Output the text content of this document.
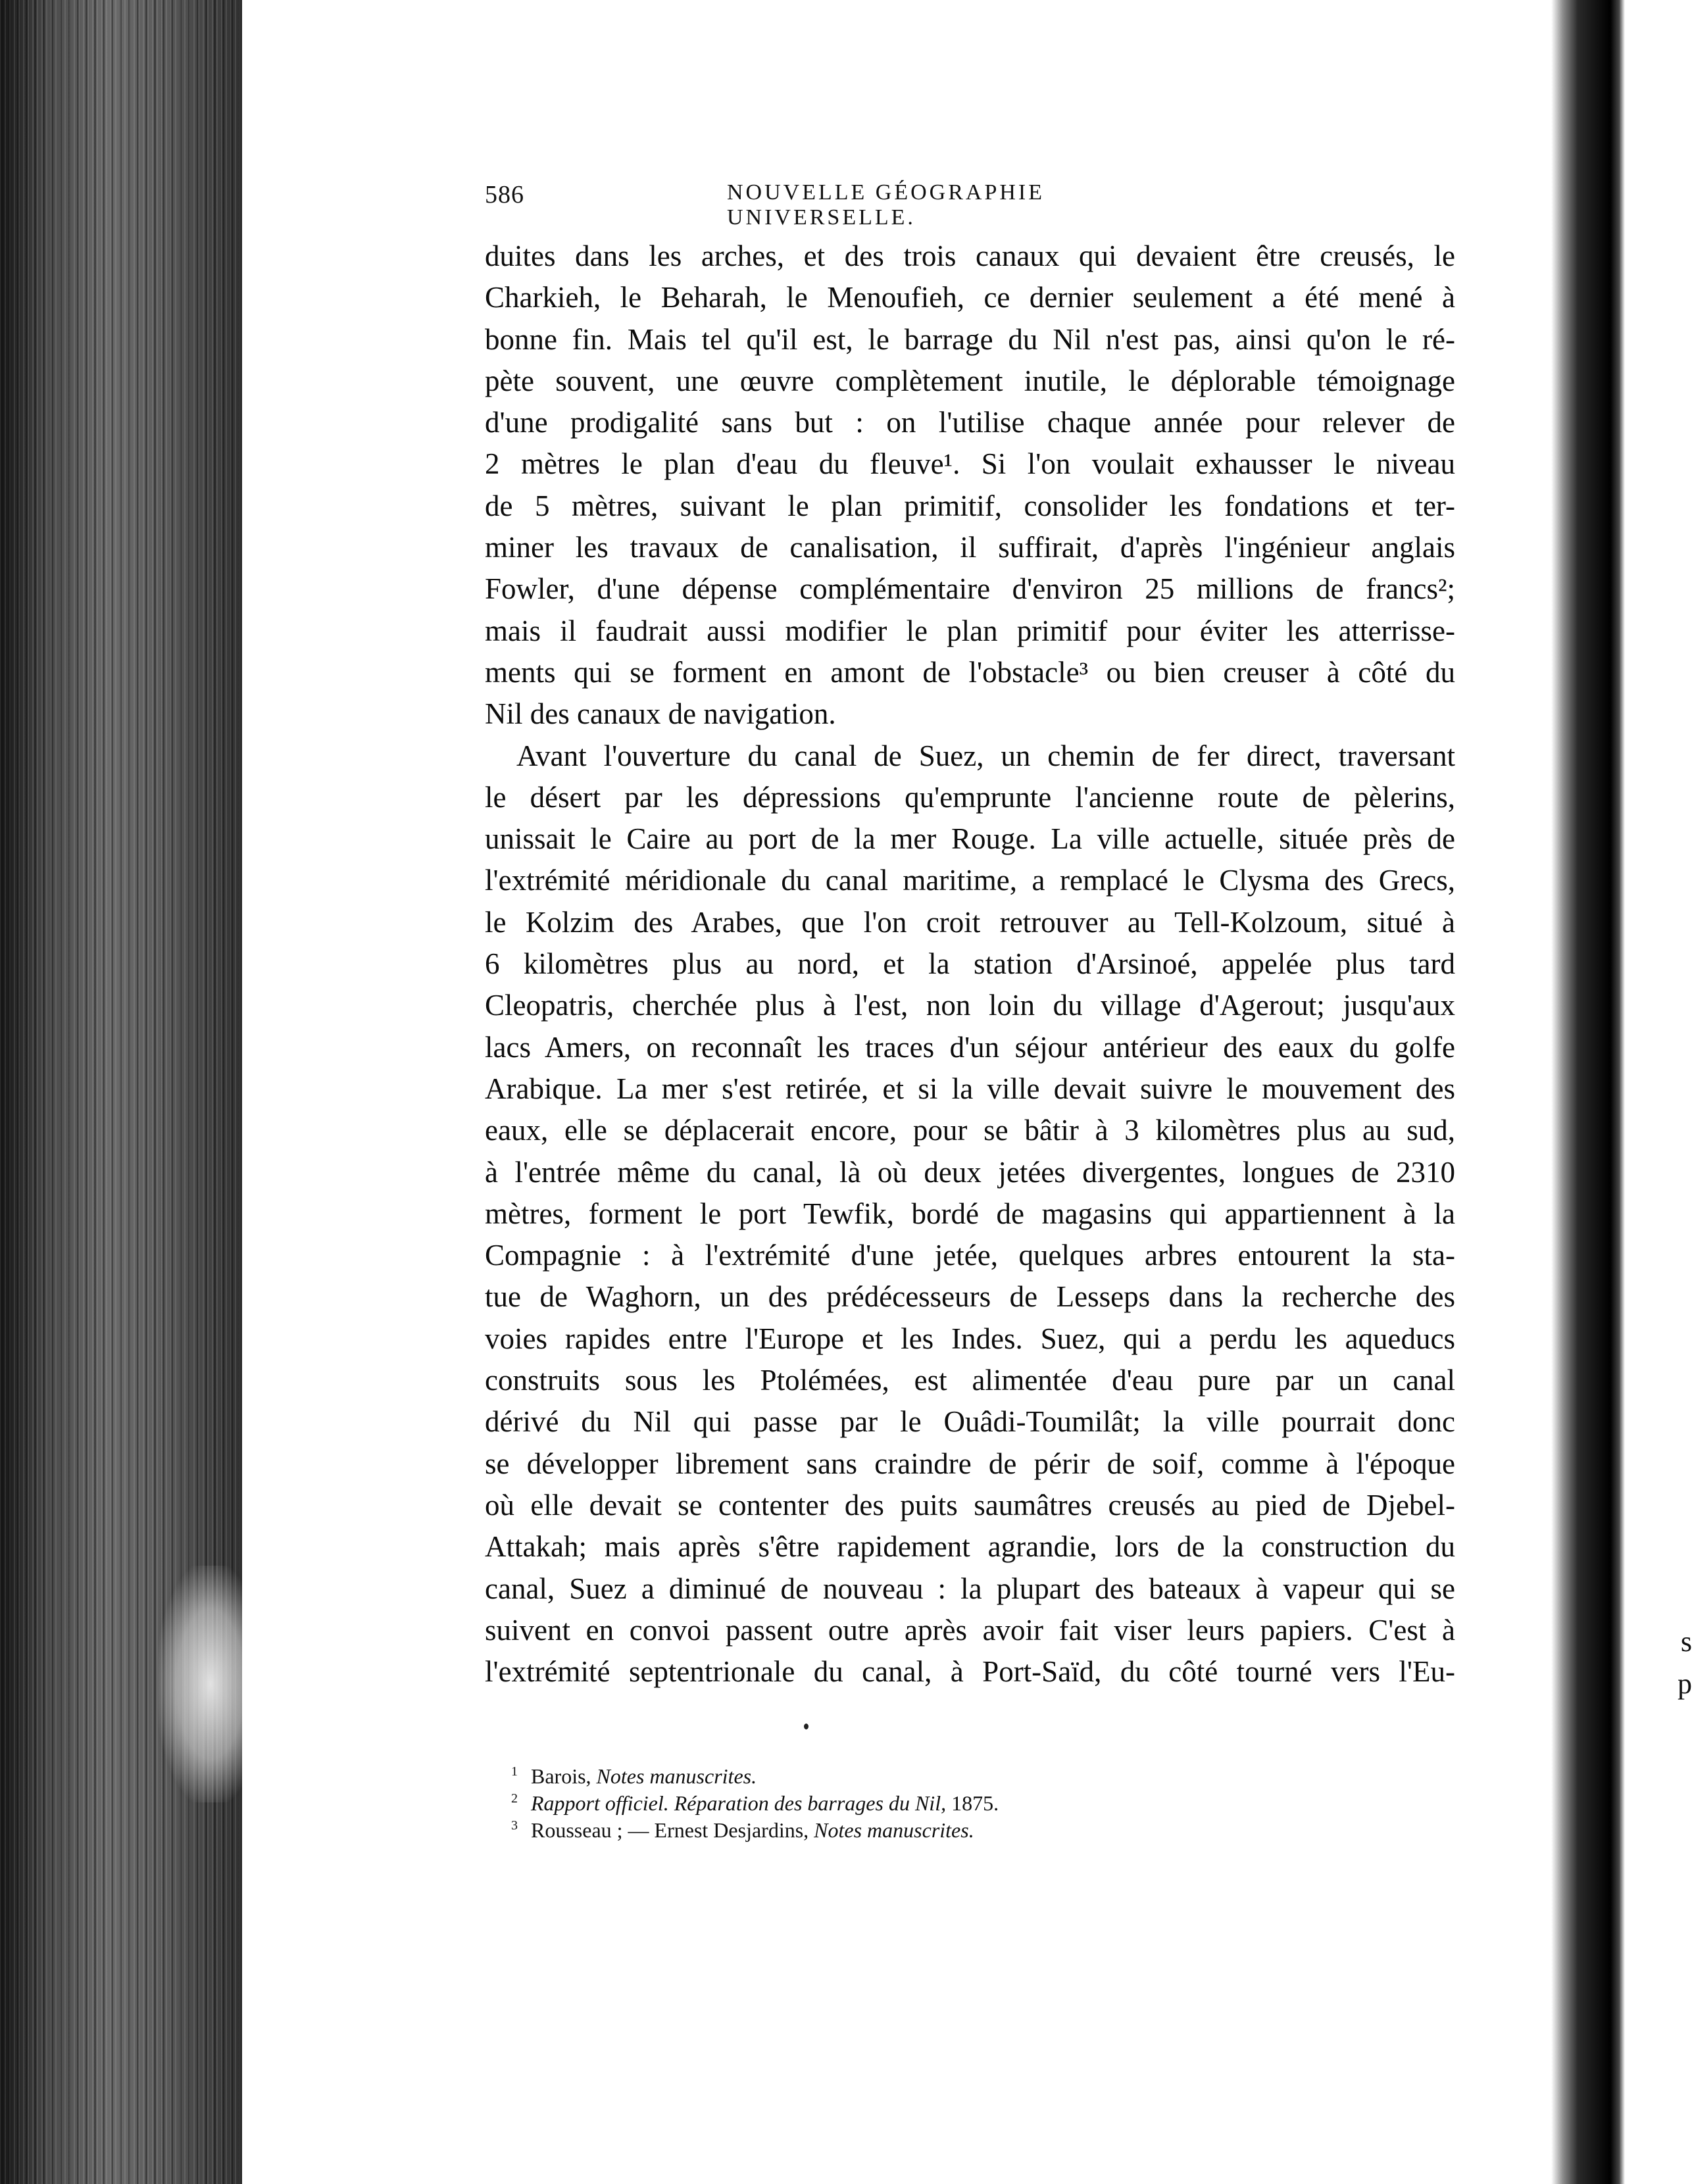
s
p
586	NOUVELLE GÉOGRAPHIE UNIVERSELLE.
duites dans les arches, et des trois canaux qui devaient être creusés, le
Charkieh, le Beharah, le Menoufieh, ce dernier seulement a été mené à
bonne fin. Mais tel qu'il est, le barrage du Nil n'est pas, ainsi qu'on le ré-
pète souvent, une œuvre complètement inutile, le déplorable témoignage
d'une prodigalité sans but : on l'utilise chaque année pour relever de
2 mètres le plan d'eau du fleuve¹. Si l'on voulait exhausser le niveau
de 5 mètres, suivant le plan primitif, consolider les fondations et ter-
miner les travaux de canalisation, il suffirait, d'après l'ingénieur anglais
Fowler, d'une dépense complémentaire d'environ 25 millions de francs²;
mais il faudrait aussi modifier le plan primitif pour éviter les atterrisse-
ments qui se forment en amont de l'obstacle³ ou bien creuser à côté du
Nil des canaux de navigation.
Avant l'ouverture du canal de Suez, un chemin de fer direct, traversant
le désert par les dépressions qu'emprunte l'ancienne route de pèlerins,
unissait le Caire au port de la mer Rouge. La ville actuelle, située près de
l'extrémité méridionale du canal maritime, a remplacé le Clysma des Grecs,
le Kolzim des Arabes, que l'on croit retrouver au Tell-Kolzoum, situé à
6 kilomètres plus au nord, et la station d'Arsinoé, appelée plus tard
Cleopatris, cherchée plus à l'est, non loin du village d'Agerout; jusqu'aux
lacs Amers, on reconnaît les traces d'un séjour antérieur des eaux du golfe
Arabique. La mer s'est retirée, et si la ville devait suivre le mouvement des
eaux, elle se déplacerait encore, pour se bâtir à 3 kilomètres plus au sud,
à l'entrée même du canal, là où deux jetées divergentes, longues de 2310
mètres, forment le port Tewfik, bordé de magasins qui appartiennent à la
Compagnie : à l'extrémité d'une jetée, quelques arbres entourent la sta-
tue de Waghorn, un des prédécesseurs de Lesseps dans la recherche des
voies rapides entre l'Europe et les Indes. Suez, qui a perdu les aqueducs
construits sous les Ptolémées, est alimentée d'eau pure par un canal
dérivé du Nil qui passe par le Ouâdi-Toumilât; la ville pourrait donc
se développer librement sans craindre de périr de soif, comme à l'époque
où elle devait se contenter des puits saumâtres creusés au pied de Djebel-
Attakah; mais après s'être rapidement agrandie, lors de la construction du
canal, Suez a diminué de nouveau : la plupart des bateaux à vapeur qui se
suivent en convoi passent outre après avoir fait viser leurs papiers. C'est à
l'extrémité septentrionale du canal, à Port-Saïd, du côté tourné vers l'Eu-
1 Barois, Notes manuscrites.
2 Rapport officiel. Réparation des barrages du Nil, 1875.
3 Rousseau ; — Ernest Desjardins, Notes manuscrites.
